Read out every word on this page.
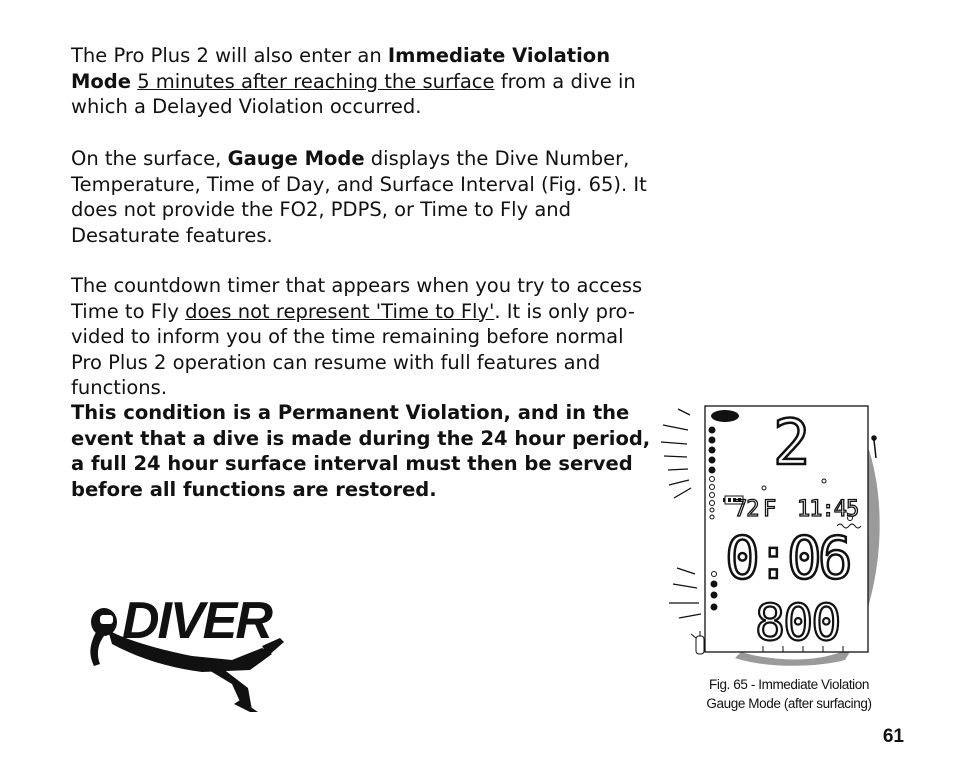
The Pro Plus 2 will also enter an Immediate Violation Mode 5 minutes after reaching the surface from a dive in which a Delayed Violation occurred.
On the surface, Gauge Mode displays the Dive Number, Temperature, Time of Day, and Surface Interval (Fig. 65). It does not provide the FO2, PDPS, or Time to Fly and Desaturate features.
The countdown timer that appears when you try to access Time to Fly does not represent 'Time to Fly'. It is only pro-vided to inform you of the time remaining before normal Pro Plus 2 operation can resume with full features and functions.
This condition is a Permanent Violation, and in the event that a dive is made during the 24 hour period, a full 24 hour surface interval must then be served before all functions are restored.
DIVER
2
72 F 11:45
0:06
800
Fig. 65 - Immediate Violation
Gauge Mode (after surfacing)
61
